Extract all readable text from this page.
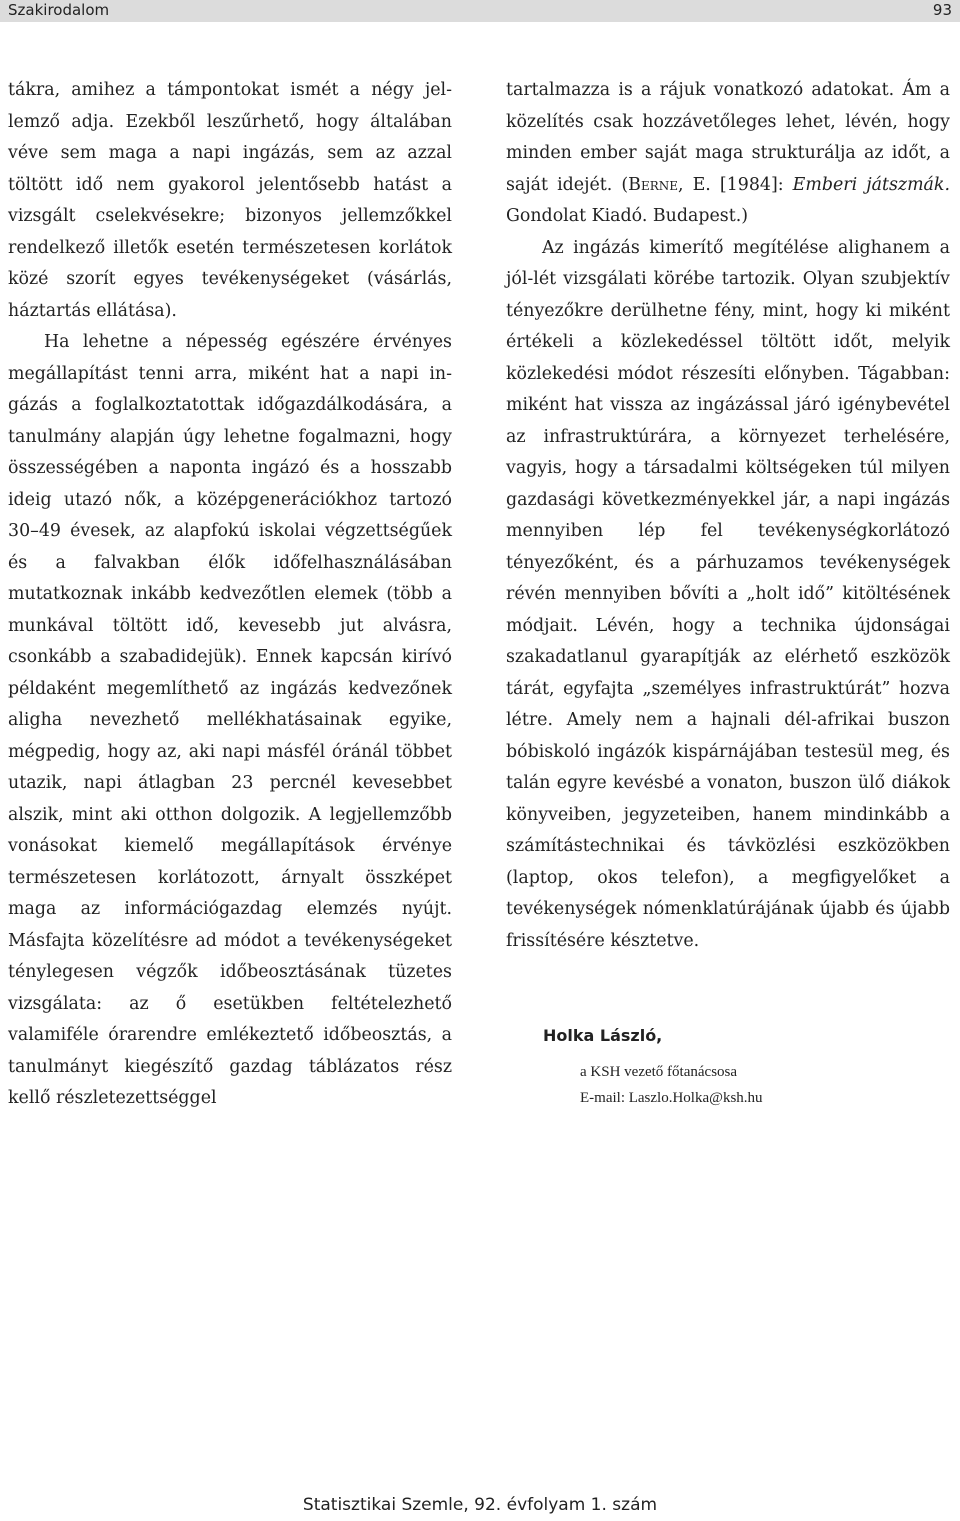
Szakirodalom	93

tákra, amihez a támpontokat ismét a négy jellemző adja. Ezekből leszűrhető, hogy általában véve sem maga a napi ingázás, sem az azzal töltött idő nem gyakorol jelentősebb hatást a vizsgált cselekvésekre; bizonyos jellemzőkkel rendelkező illetők esetén természetesen korlátok közé szorít egyes tevékenységeket (vásárlás, háztartás ellátása).

Ha lehetne a népesség egészére érvényes megállapítást tenni arra, miként hat a napi ingázás a foglalkoztatottak időgazdálkodására, a tanulmány alapján úgy lehetne fogalmazni, hogy összességében a naponta ingázó és a hosszabb ideig utazó nők, a középgenerációkhoz tartozó 30–49 évesek, az alapfokú iskolai végzettségűek és a falvakban élők időfelhasználásában mutatkoznak inkább kedvezőtlen elemek (több a munkával töltött idő, kevesebb jut alvásra, csonkább a szabadidejük). Ennek kapcsán kirívó példaként megemlíthető az ingázás kedvezőnek aligha nevezhető mellékhatásainak egyike, mégpedig, hogy az, aki napi másfél óránál többet utazik, napi átlagban 23 percnél kevesebbet alszik, mint aki otthon dolgozik. A legjellemzőbb vonásokat kiemelő megállapítások érvénye természetesen korlátozott, árnyalt összképet maga az információgazdag elemzés nyújt. Másfajta közelítésre ad módot a tevékenységeket ténylegesen végzők időbeosztásának tüzetes vizsgálata: az ő esetükben feltételezhető valamiféle órarendre emlékeztető időbeosztás, a tanulmányt kiegészítő gazdag táblázatos rész kellő részletezettséggel

tartalmazza is a rájuk vonatkozó adatokat. Ám a közelítés csak hozzávetőleges lehet, lévén, hogy minden ember saját maga strukturálja az időt, a saját idejét. (Berne, E. [1984]: Emberi játszmák. Gondolat Kiadó. Budapest.)

Az ingázás kimerítő megítélése alighanem a jól-lét vizsgálati körébe tartozik. Olyan szubjektív tényezőkre derülhetne fény, mint, hogy ki miként értékeli a közlekedéssel töltött időt, melyik közlekedési módot részesíti előnyben. Tágabban: miként hat vissza az ingázással járó igénybevétel az infrastruktúrára, a környezet terhelésére, vagyis, hogy a társadalmi költségeken túl milyen gazdasági következményekkel jár, a napi ingázás mennyiben lép fel tevékenységkorlátozó tényezőként, és a párhuzamos tevékenységek révén mennyiben bővíti a „holt idő” kitöltésének módjait. Lévén, hogy a technika újdonságai szakadatlanul gyarapítják az elérhető eszközök tárát, egyfajta „személyes infrastruktúrát” hozva létre. Amely nem a hajnali dél-afrikai buszon bóbiskoló ingázók kispárnájában testesül meg, és talán egyre kevésbé a vonaton, buszon ülő diákok könyveiben, jegyzeteiben, hanem mindinkább a számítástechnikai és távközlési eszközökben (laptop, okos telefon), a megfigyelőket a tevékenységek nómenklatúrájának újabb és újabb frissítésére késztetve.

Holka László,
a KSH vezető főtanácsosa
E-mail: Laszlo.Holka@ksh.hu
Statisztikai Szemle, 92. évfolyam 1. szám
